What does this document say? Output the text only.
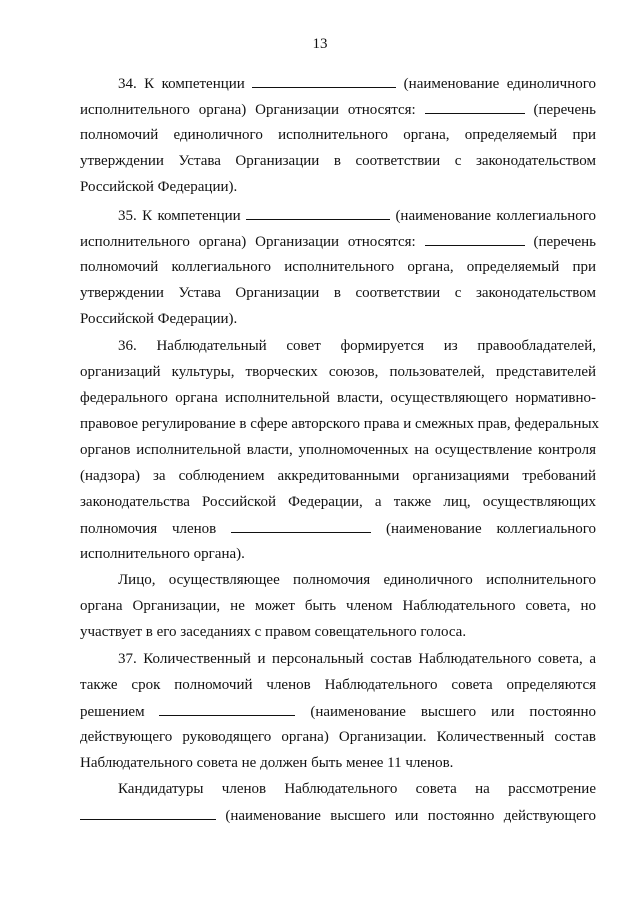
13
34. К компетенции	(наименование единоличного
исполнительного органа) Организации относятся:	(перечень
полномочий единоличного исполнительного органа, определяемый при
утверждении Устава Организации в соответствии с законодательством
Российской Федерации).
35. К компетенции	(наименование коллегиального
исполнительного органа) Организации относятся:	(перечень
полномочий коллегиального исполнительного органа, определяемый при
утверждении Устава Организации в соответствии с законодательством
Российской Федерации).
36. Наблюдательный совет формируется из правообладателей,
организаций культуры, творческих союзов, пользователей, представителей
федерального органа исполнительной власти, осуществляющего нормативно-
правовое регулирование в сфере авторского права и смежных прав, федеральных
органов исполнительной власти, уполномоченных на осуществление контроля
(надзора) за соблюдением аккредитованными организациями требований
законодательства Российской Федерации, а также лиц, осуществляющих
полномочия членов	(наименование коллегиального
исполнительного органа).
Лицо, осуществляющее полномочия единоличного исполнительного
органа Организации, не может быть членом Наблюдательного совета, но
участвует в его заседаниях с правом совещательного голоса.
37. Количественный и персональный состав Наблюдательного совета, а
также срок полномочий членов Наблюдательного совета определяются
решением	(наименование высшего или постоянно
действующего руководящего органа) Организации. Количественный состав
Наблюдательного совета не должен быть менее 11 членов.
Кандидатуры членов Наблюдательного совета на рассмотрение
(наименование высшего или постоянно действующего
